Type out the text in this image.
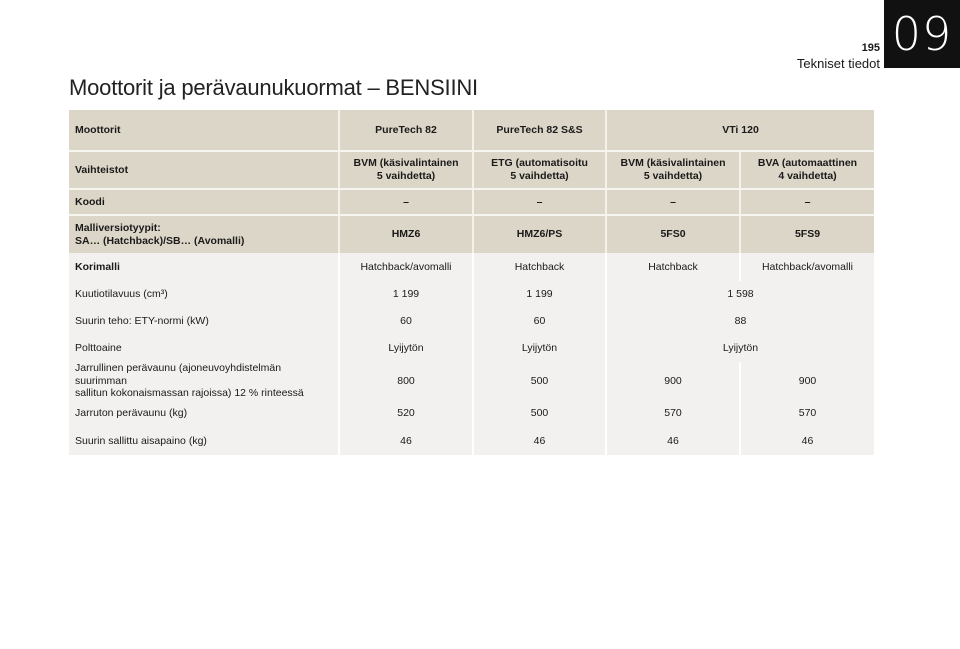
09
195
Tekniset tiedot
Moottorit ja perävaunukuormat – BENSIINI
Moottorit	PureTech 82	PureTech 82 S&S	VTi 120	
Vaihteistot	BVM (käsivalintainen
5 vaihdetta)	ETG (automatisoitu
5 vaihdetta)	BVM (käsivalintainen
5 vaihdetta)	BVA (automaattinen
4 vaihdetta)
Koodi	–	–	–	–
Malliversiotyypit:
SA… (Hatchback)/SB… (Avomalli)	HMZ6	HMZ6/PS	5FS0	5FS9
Korimalli	Hatchback/avomalli	Hatchback	Hatchback	Hatchback/avomalli
Kuutiotilavuus (cm³)	1 199	1 199	1 598	
Suurin teho: ETY-normi (kW)	60	60	88	
Polttoaine	Lyijytön	Lyijytön	Lyijytön	
Jarrullinen perävaunu (ajoneuvoyhdistelmän suurimman
sallitun kokonaismassan rajoissa) 12 % rinteessä	800	500	900	900
Jarruton perävaunu (kg)	520	500	570	570
Suurin sallittu aisapaino (kg)	46	46	46	46
